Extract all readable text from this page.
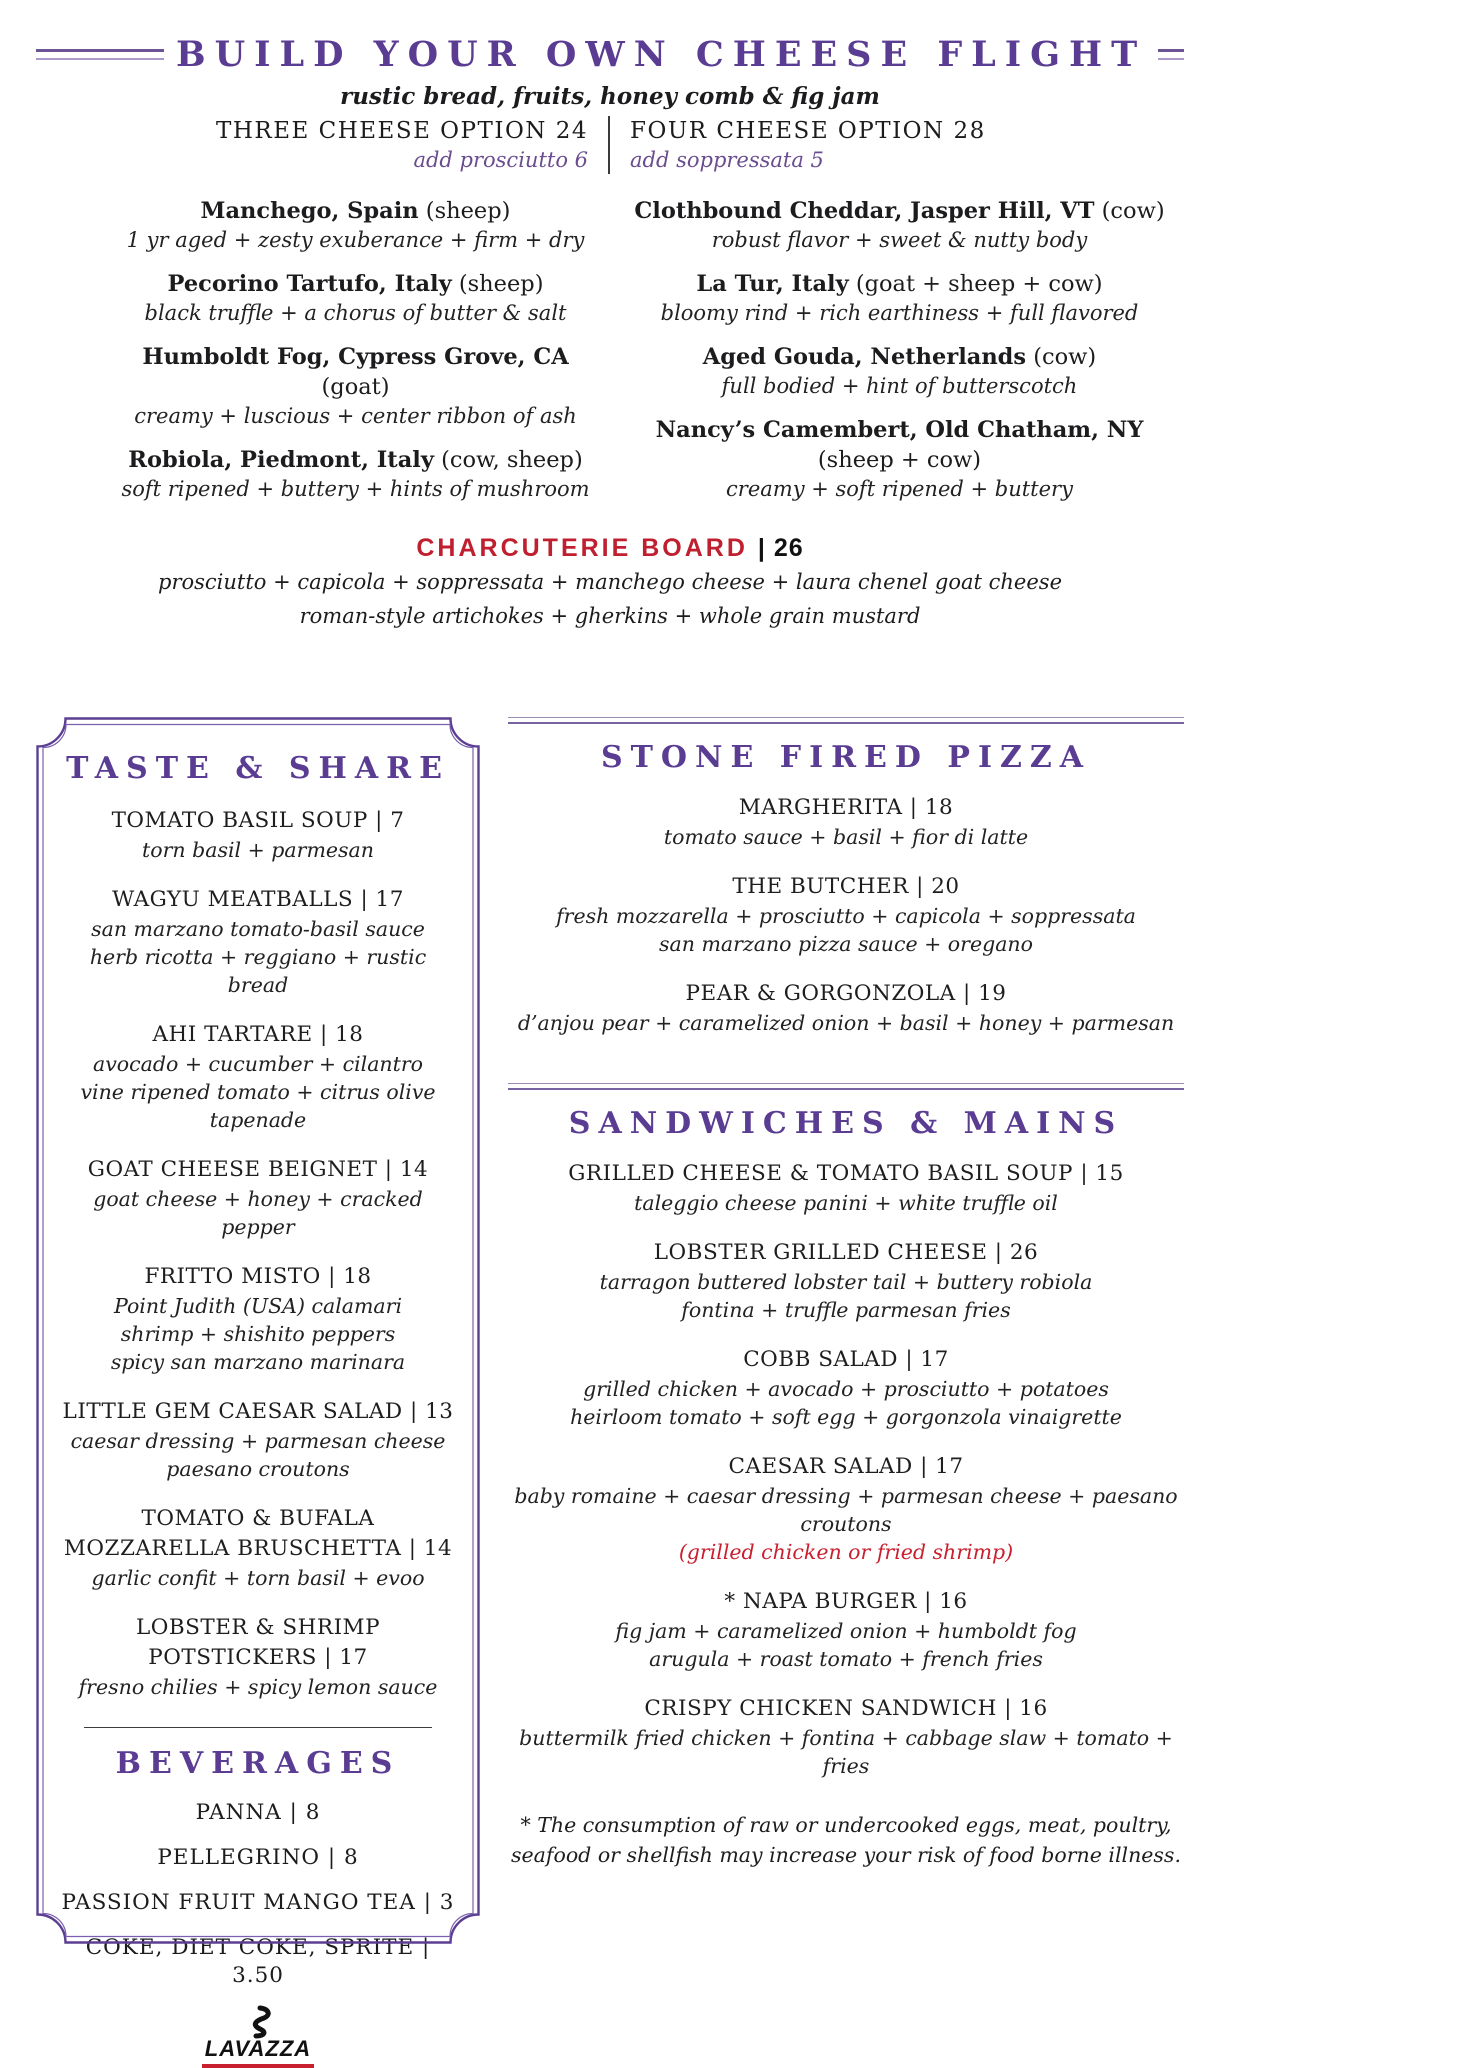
BUILD YOUR OWN CHEESE FLIGHT
rustic bread, fruits, honey comb & fig jam
THREE CHEESE OPTION 24	FOUR CHEESE OPTION 28
add prosciutto 6	add soppressata 5
Manchego, Spain (sheep)
1 yr aged + zesty exuberance + firm + dry
Pecorino Tartufo, Italy (sheep)
black truffle + a chorus of butter & salt
Humboldt Fog, Cypress Grove, CA (goat)
creamy + luscious + center ribbon of ash
Robiola, Piedmont, Italy (cow, sheep)
soft ripened + buttery + hints of mushroom
Clothbound Cheddar, Jasper Hill, VT (cow)
robust flavor + sweet & nutty body
La Tur, Italy (goat + sheep + cow)
bloomy rind + rich earthiness + full flavored
Aged Gouda, Netherlands (cow)
full bodied + hint of butterscotch
Nancy’s Camembert, Old Chatham, NY (sheep + cow)
creamy + soft ripened + buttery
CHARCUTERIE BOARD | 26
prosciutto + capicola + soppressata + manchego cheese + laura chenel goat cheese
roman-style artichokes + gherkins + whole grain mustard
TASTE & SHARE
TOMATO BASIL SOUP | 7
torn basil + parmesan
WAGYU MEATBALLS | 17
san marzano tomato-basil sauce
herb ricotta + reggiano + rustic bread
AHI TARTARE | 18
avocado + cucumber + cilantro
vine ripened tomato + citrus olive tapenade
GOAT CHEESE BEIGNET | 14
goat cheese + honey + cracked pepper
FRITTO MISTO | 18
Point Judith (USA) calamari
shrimp + shishito peppers
spicy san marzano marinara
LITTLE GEM CAESAR SALAD | 13
caesar dressing + parmesan cheese
paesano croutons
TOMATO & BUFALA MOZZARELLA BRUSCHETTA | 14
garlic confit + torn basil + evoo
LOBSTER & SHRIMP POTSTICKERS | 17
fresno chilies + spicy lemon sauce
BEVERAGES
PANNA | 8
PELLEGRINO | 8
PASSION FRUIT MANGO TEA | 3
COKE, DIET COKE, SPRITE | 3.50
LAVAZZA
STONE FIRED PIZZA
MARGHERITA | 18
tomato sauce + basil + fior di latte
THE BUTCHER | 20
fresh mozzarella + prosciutto + capicola + soppressata
san marzano pizza sauce + oregano
PEAR & GORGONZOLA | 19
d’anjou pear + caramelized onion + basil + honey + parmesan
SANDWICHES & MAINS
GRILLED CHEESE & TOMATO BASIL SOUP | 15
taleggio cheese panini + white truffle oil
LOBSTER GRILLED CHEESE | 26
tarragon buttered lobster tail + buttery robiola
fontina + truffle parmesan fries
COBB SALAD | 17
grilled chicken + avocado + prosciutto + potatoes
heirloom tomato + soft egg + gorgonzola vinaigrette
CAESAR SALAD | 17
baby romaine + caesar dressing + parmesan cheese + paesano croutons
(grilled chicken or fried shrimp)
* NAPA BURGER | 16
fig jam + caramelized onion + humboldt fog
arugula + roast tomato + french fries
CRISPY CHICKEN SANDWICH | 16
buttermilk fried chicken + fontina + cabbage slaw + tomato + fries
* The consumption of raw or undercooked eggs, meat, poultry,
seafood or shellfish may increase your risk of food borne illness.
